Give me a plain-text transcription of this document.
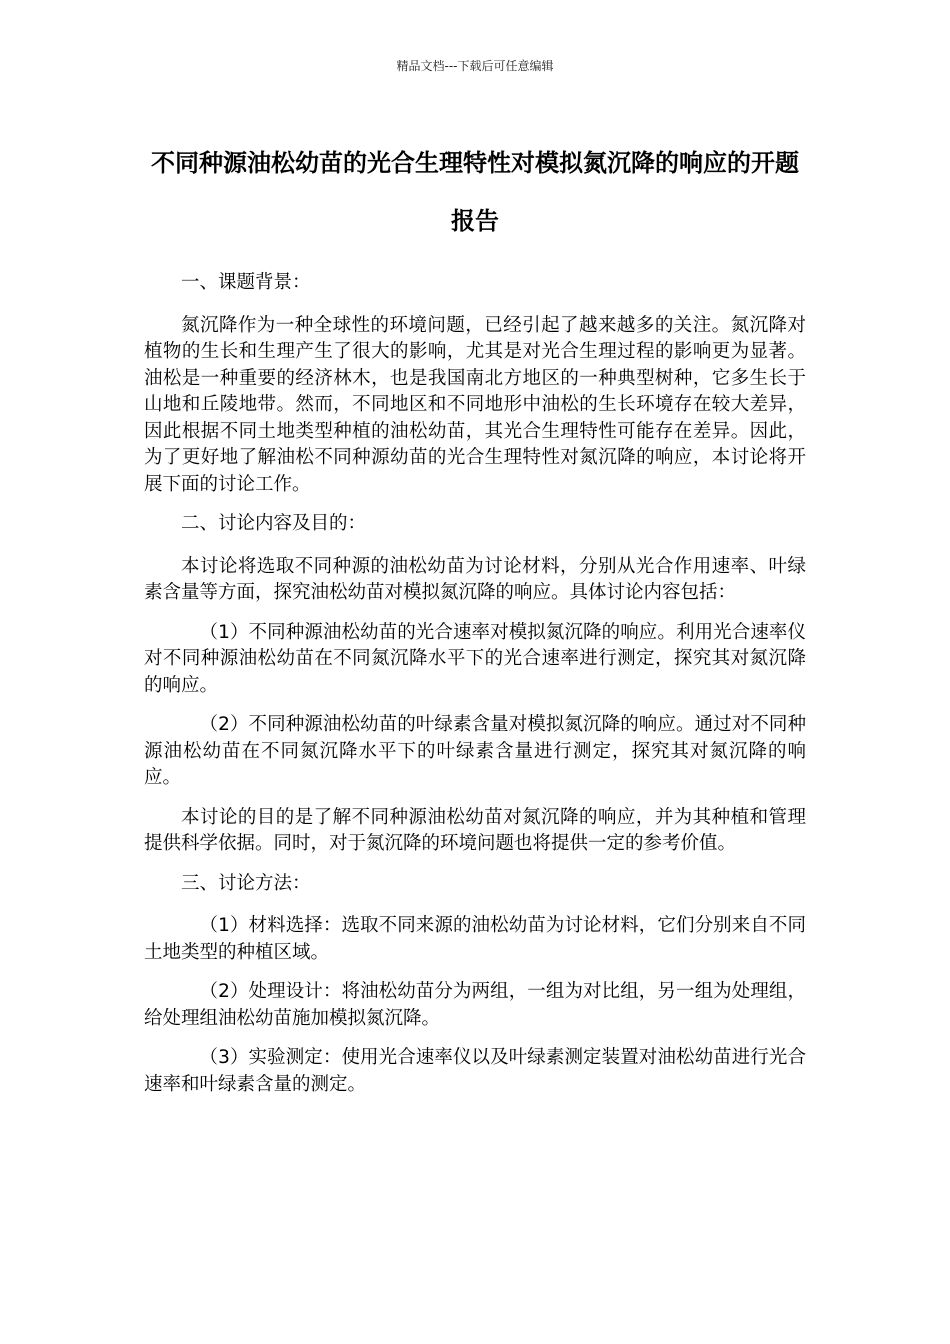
精品文档---下载后可任意编辑
不同种源油松幼苗的光合生理特性对模拟氮沉降的响应的开题报告

一、课题背景：

氮沉降作为一种全球性的环境问题，已经引起了越来越多的关注。氮沉降对植物的生长和生理产生了很大的影响，尤其是对光合生理过程的影响更为显著。油松是一种重要的经济林木，也是我国南北方地区的一种典型树种，它多生长于山地和丘陵地带。然而，不同地区和不同地形中油松的生长环境存在较大差异，因此根据不同土地类型种植的油松幼苗，其光合生理特性可能存在差异。因此，为了更好地了解油松不同种源幼苗的光合生理特性对氮沉降的响应，本讨论将开展下面的讨论工作。

二、讨论内容及目的：

本讨论将选取不同种源的油松幼苗为讨论材料，分别从光合作用速率、叶绿素含量等方面，探究油松幼苗对模拟氮沉降的响应。具体讨论内容包括：

（1）不同种源油松幼苗的光合速率对模拟氮沉降的响应。利用光合速率仪对不同种源油松幼苗在不同氮沉降水平下的光合速率进行测定，探究其对氮沉降的响应。

（2）不同种源油松幼苗的叶绿素含量对模拟氮沉降的响应。通过对不同种源油松幼苗在不同氮沉降水平下的叶绿素含量进行测定，探究其对氮沉降的响应。

本讨论的目的是了解不同种源油松幼苗对氮沉降的响应，并为其种植和管理提供科学依据。同时，对于氮沉降的环境问题也将提供一定的参考价值。

三、讨论方法：

（1）材料选择：选取不同来源的油松幼苗为讨论材料，它们分别来自不同土地类型的种植区域。

（2）处理设计：将油松幼苗分为两组，一组为对比组，另一组为处理组，给处理组油松幼苗施加模拟氮沉降。

（3）实验测定：使用光合速率仪以及叶绿素测定装置对油松幼苗进行光合速率和叶绿素含量的测定。
